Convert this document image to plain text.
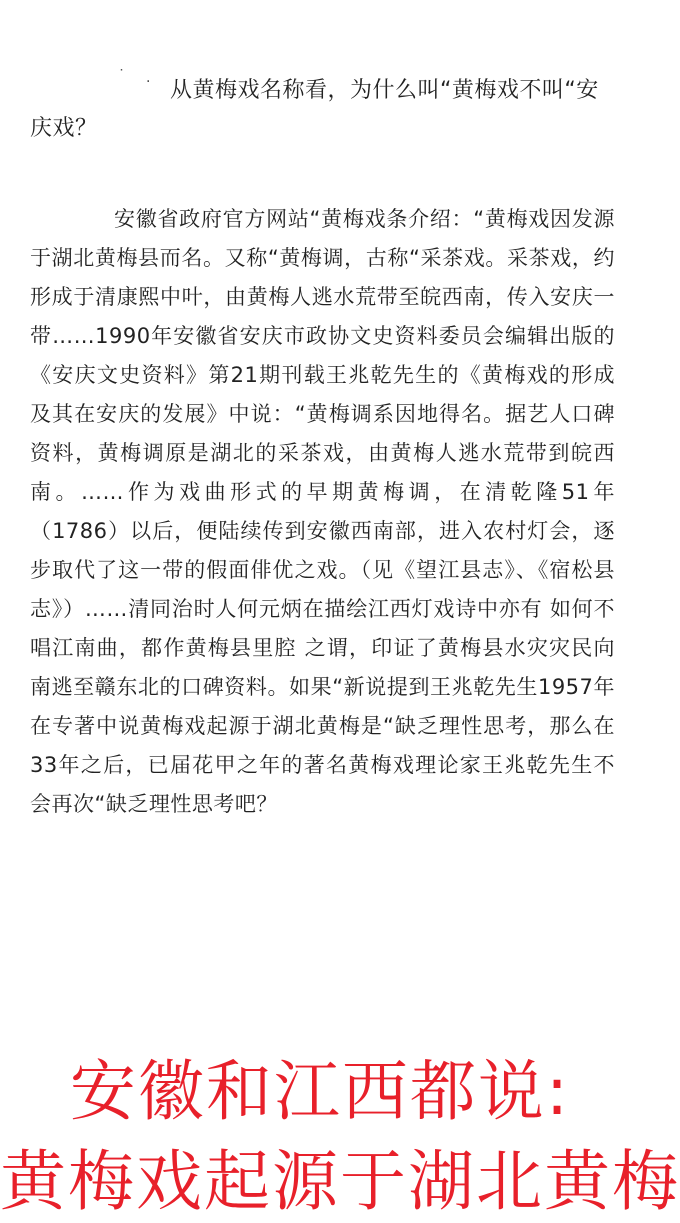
˙ · 从黄梅戏名称看，为什么叫“黄梅戏不叫“安庆戏？
安徽省政府官方网站“黄梅戏条介绍：“黄梅戏因发源于湖北黄梅县而名。又称“黄梅调，古称“采茶戏。采茶戏，约形成于清康熙中叶，由黄梅人逃水荒带至皖西南，传入安庆一带……1990年安徽省安庆市政协文史资料委员会编辑出版的《安庆文史资料》第21期刊载王兆乾先生的《黄梅戏的形成及其在安庆的发展》中说：“黄梅调系因地得名。据艺人口碑资料，黄梅调原是湖北的采茶戏，由黄梅人逃水荒带到皖西南。……作为戏曲形式的早期黄梅调，在清乾隆51年（1786）以后，便陆续传到安徽西南部，进入农村灯会，逐步取代了这一带的假面俳优之戏。（见《望江县志》、《宿松县志》）……清同治时人何元炳在描绘江西灯戏诗中亦有 如何不唱江南曲，都作黄梅县里腔 之谓，印证了黄梅县水灾灾民向南逃至赣东北的口碑资料。如果“新说提到王兆乾先生1957年在专著中说黄梅戏起源于湖北黄梅是“缺乏理性思考，那么在33年之后，已届花甲之年的著名黄梅戏理论家王兆乾先生不会再次“缺乏理性思考吧？
安徽和江西都说:
黄梅戏起源于湖北黄梅
